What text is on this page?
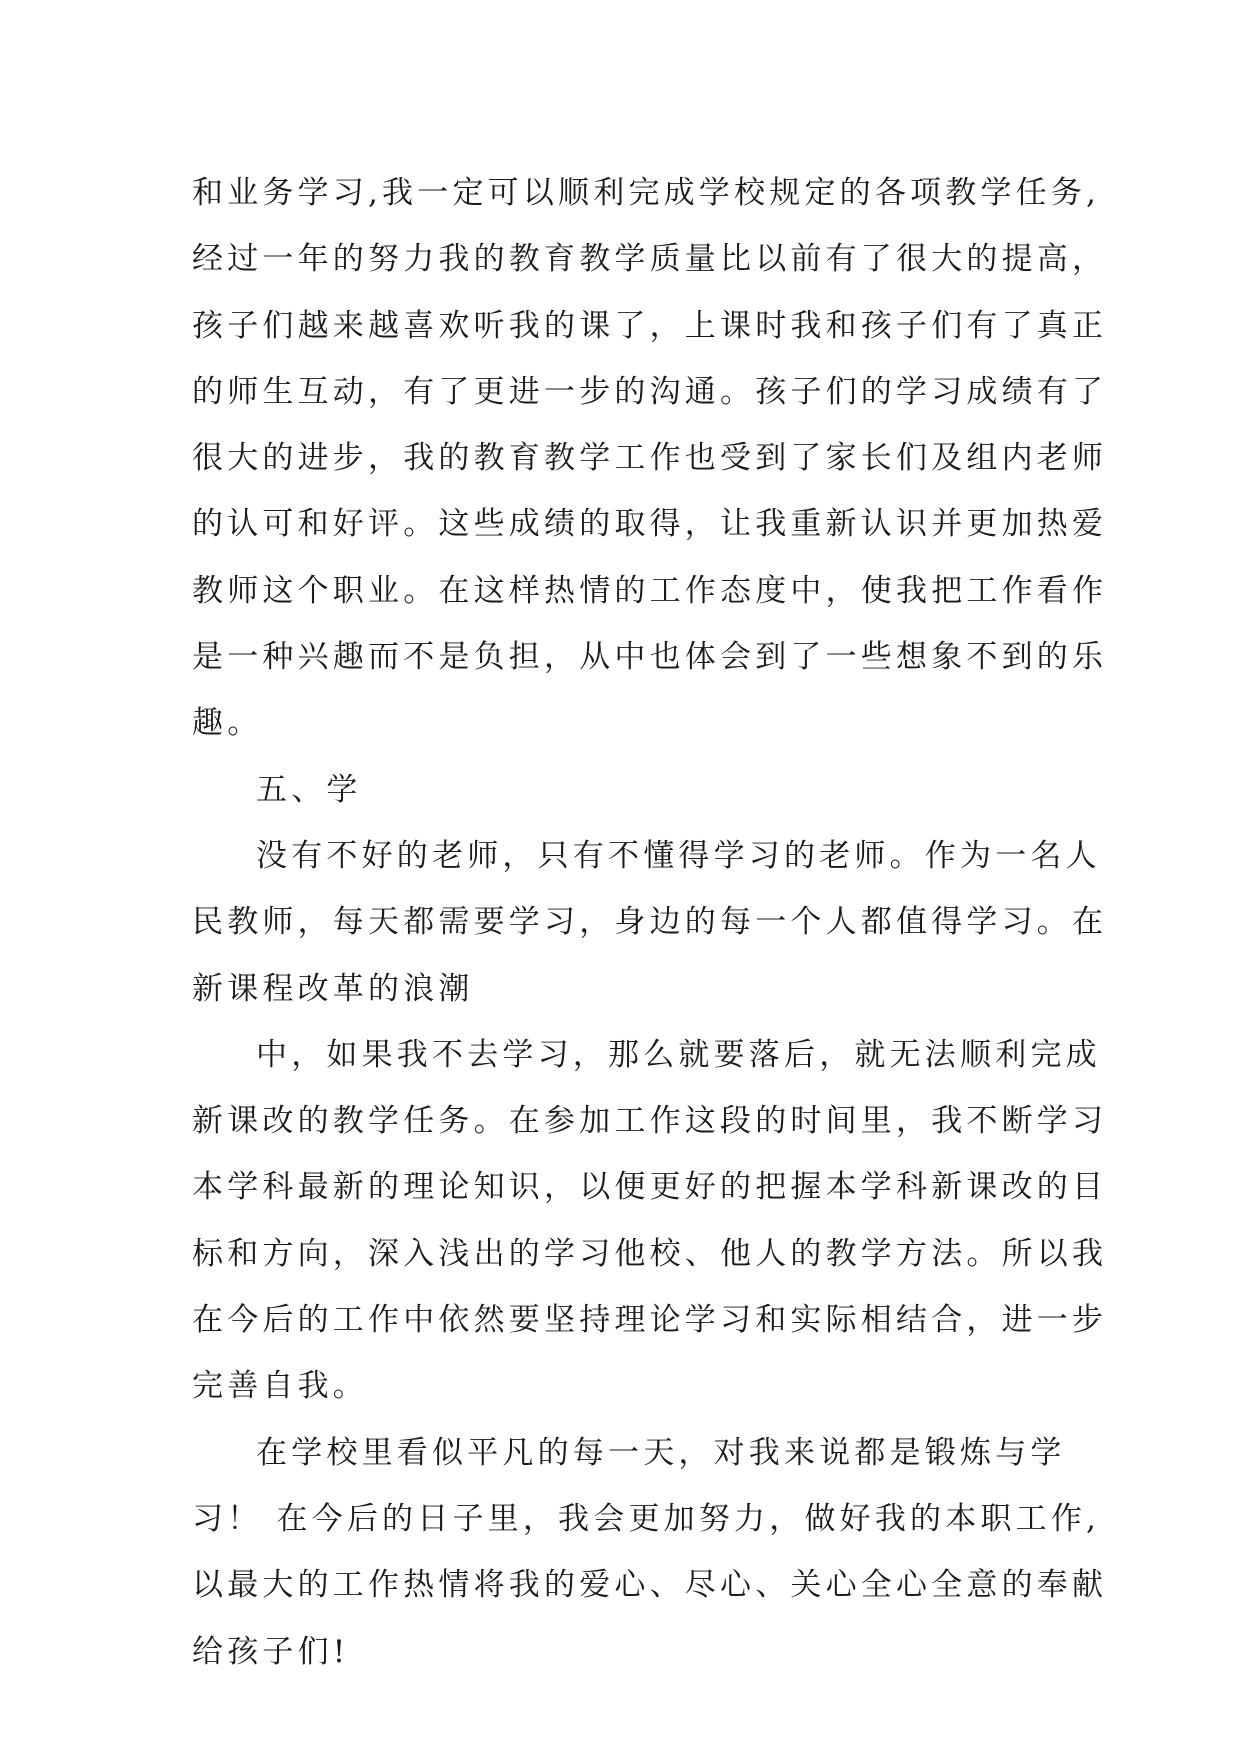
和业务学习,我一定可以顺利完成学校规定的各项教学任务,
经过一年的努力我的教育教学质量比以前有了很大的提高，
孩子们越来越喜欢听我的课了，上课时我和孩子们有了真正
的师生互动，有了更进一步的沟通。孩子们的学习成绩有了
很大的进步，我的教育教学工作也受到了家长们及组内老师
的认可和好评。这些成绩的取得，让我重新认识并更加热爱
教师这个职业。在这样热情的工作态度中，使我把工作看作
是一种兴趣而不是负担，从中也体会到了一些想象不到的乐
趣。
五、学
没有不好的老师，只有不懂得学习的老师。作为一名人
民教师，每天都需要学习，身边的每一个人都值得学习。在
新课程改革的浪潮
中，如果我不去学习，那么就要落后，就无法顺利完成
新课改的教学任务。在参加工作这段的时间里，我不断学习
本学科最新的理论知识，以便更好的把握本学科新课改的目
标和方向，深入浅出的学习他校、他人的教学方法。所以我
在今后的工作中依然要坚持理论学习和实际相结合，进一步
完善自我。
在学校里看似平凡的每一天，对我来说都是锻炼与学
习！ 在今后的日子里，我会更加努力，做好我的本职工作,
以最大的工作热情将我的爱心、尽心、关心全心全意的奉献
给孩子们!
